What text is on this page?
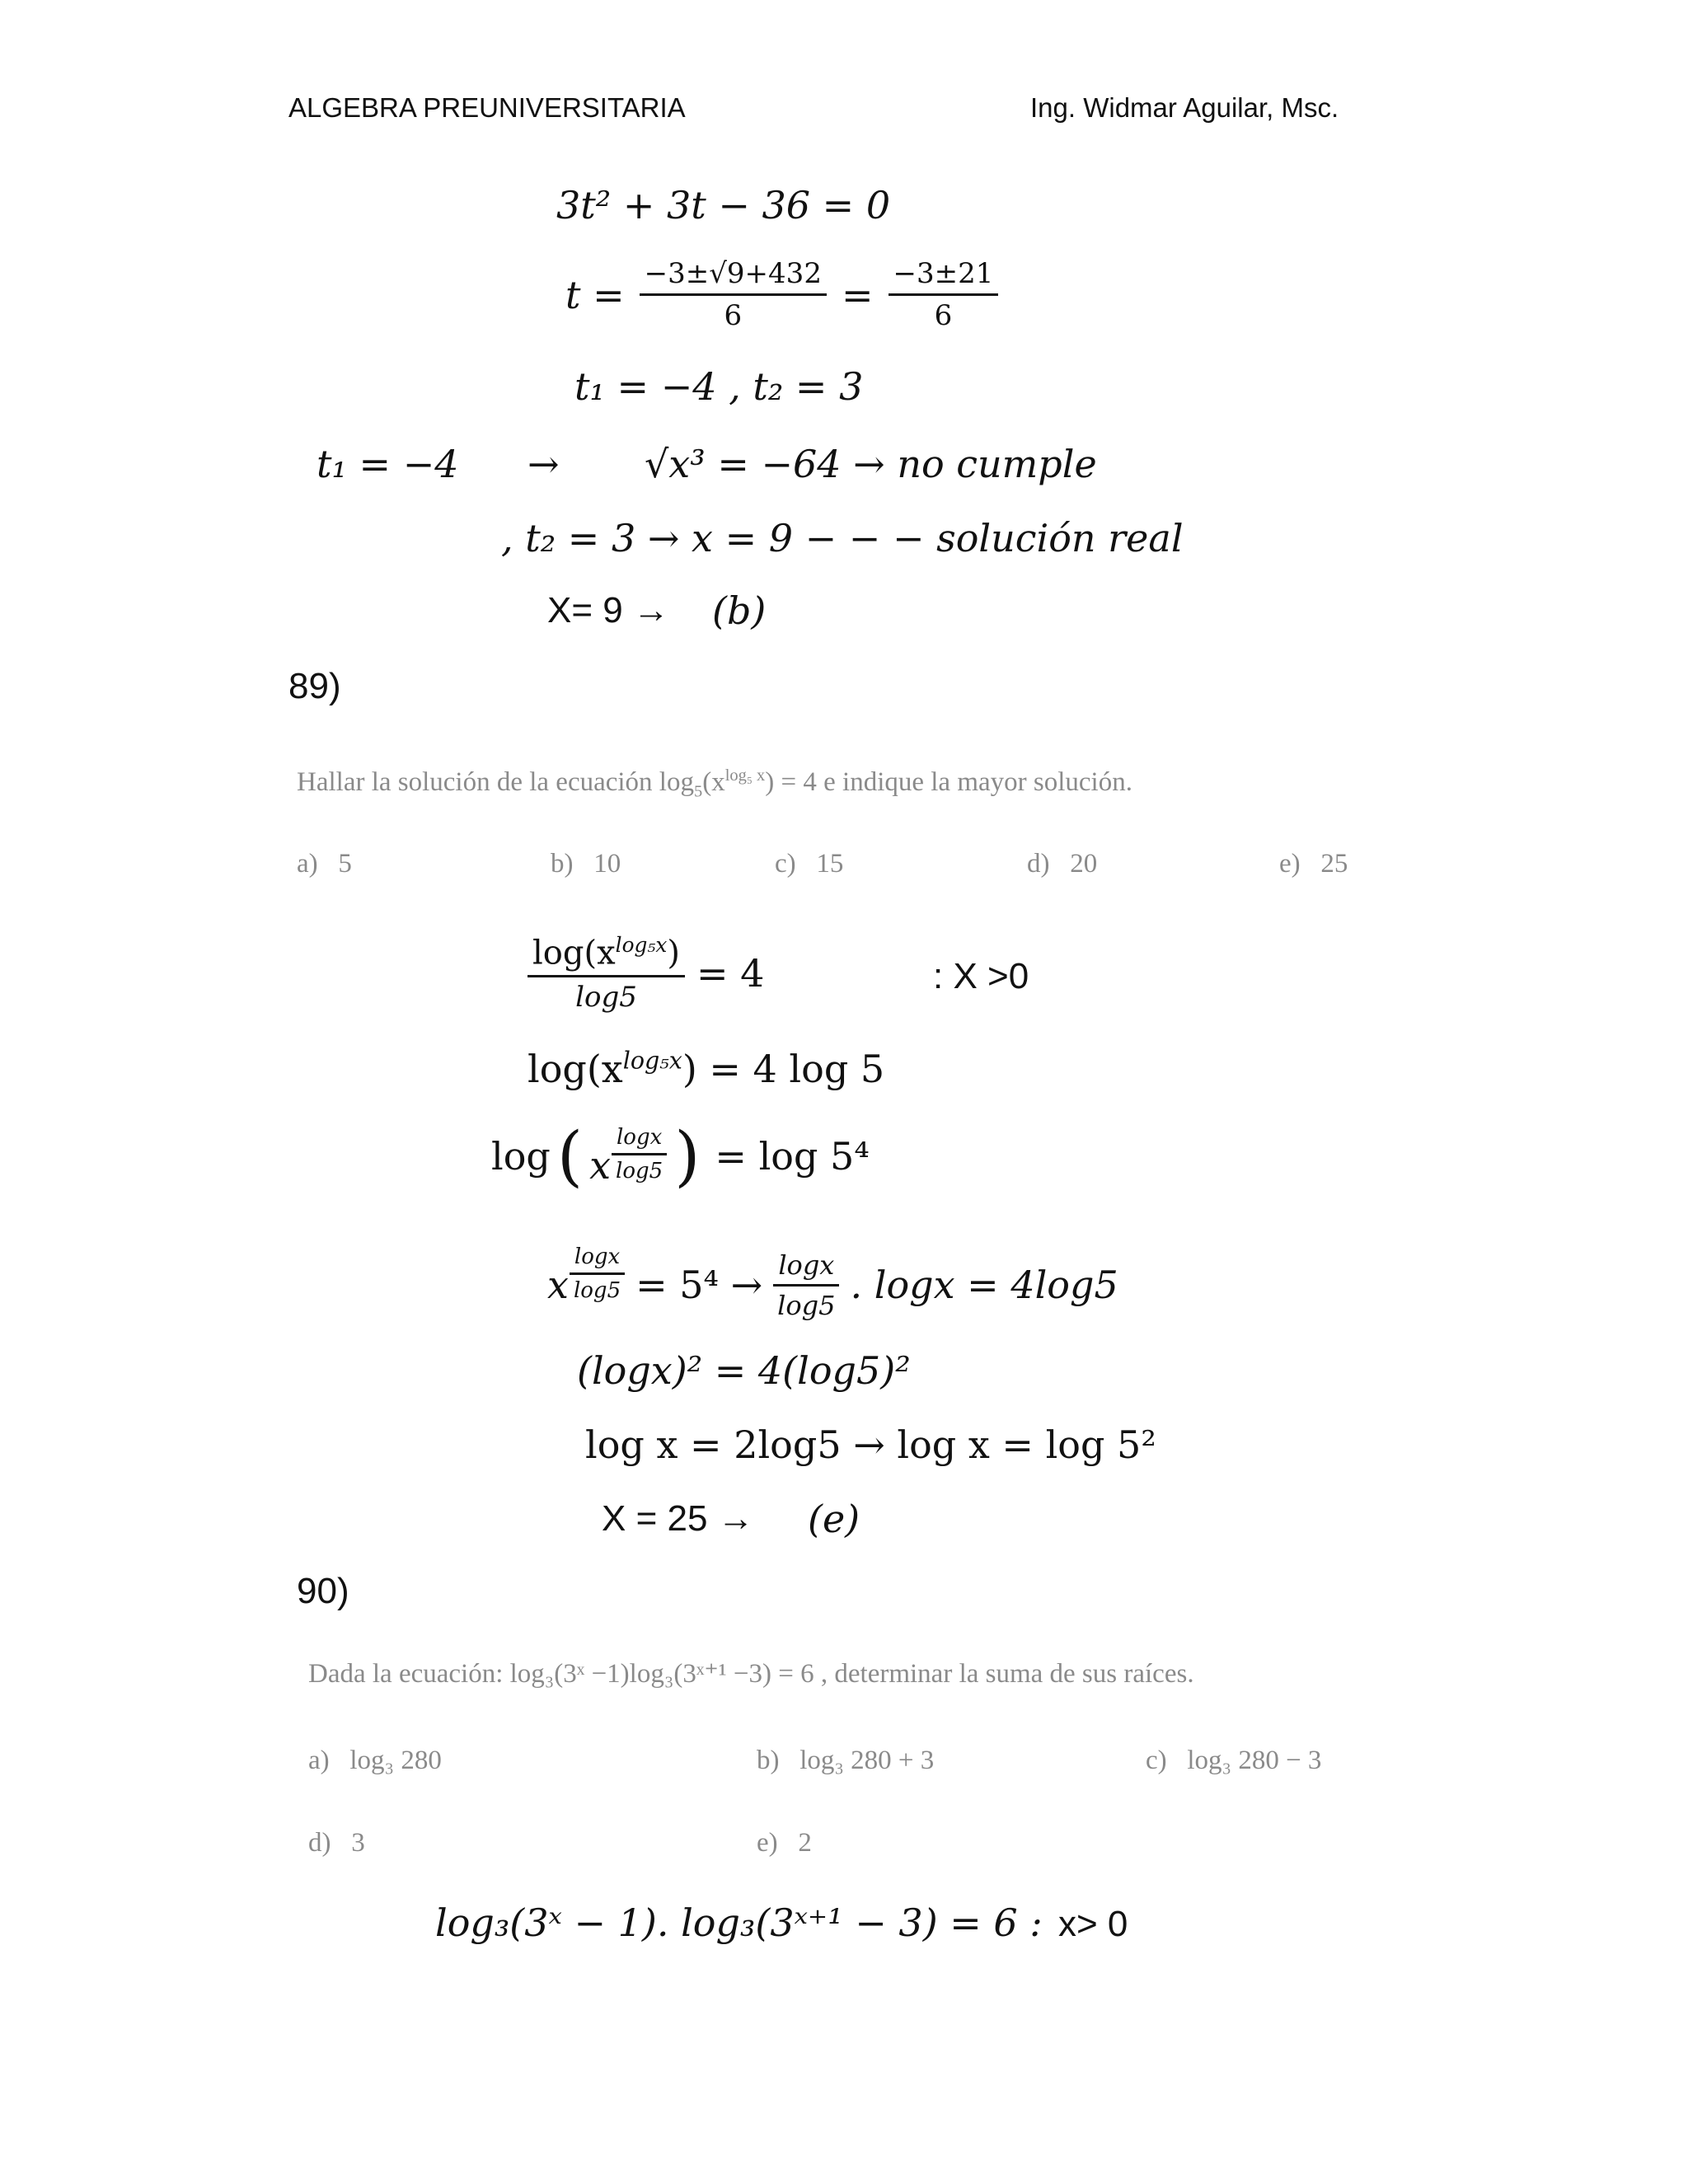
ALGEBRA PREUNIVERSITARIA	Ing. Widmar Aguilar, Msc.
3t² + 3t − 36 = 0
$t = \frac{-3\pm√9+432}{6} = \frac{-3\pm 21}{6}$
t₁ = −4 , t₂ = 3
t₁ = −4 → √x³ = −64 → no cumple
, t₂ = 3 → x = 9 − − − solución real
X= 9 → (b)
89)
Hallar la solución de la ecuación $\log_5(x^{log_5 x}) = 4$ e indique la mayor solución.
a) 5	b) 10	c) 15	d) 20	e) 25
$\frac{\log(x^{log_5x})}{\log 5} = 4$	: X >0
$\log(x^{log_5x}) = 4$ log 5
log ( x $\frac{\log x}{\log 5}$ ) = log 5⁴
x $\frac{\log x}{\log 5} = 5^4 \to \frac{\log x}{\log 5}$ . logx = 4log5
(logx)² = 4(log5)²
log x = 2log5 → log x = log 5²
X = 25 → (e)
90)
Dada la ecuación: log₃(3ˣ −1)log₃(3ˣ⁺¹ −3) = 6 , determinar la suma de sus raíces.
a) log₃ 280	b) log₃ 280 + 3	c) log₃ 280 − 3
d) 3	e) 2
log₃(3ˣ − 1). log₃(3ˣ⁺¹ − 3) = 6 : x> 0
